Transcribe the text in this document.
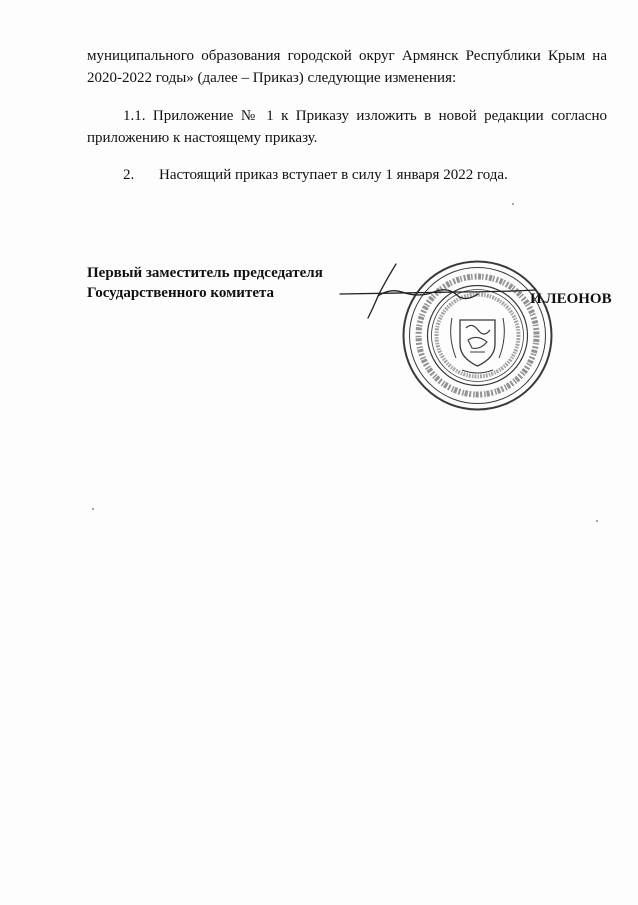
муниципального образования городской округ Армянск Республики Крым на
2020-2022 годы» (далее – Приказ) следующие изменения:
1.1. Приложение № 1 к Приказу изложить в новой редакции согласно
приложению к настоящему приказу.
2. Настоящий приказ вступает в силу 1 января 2022 года.
Первый заместитель председателя
Государственного комитета	И.ЛЕОНОВ
